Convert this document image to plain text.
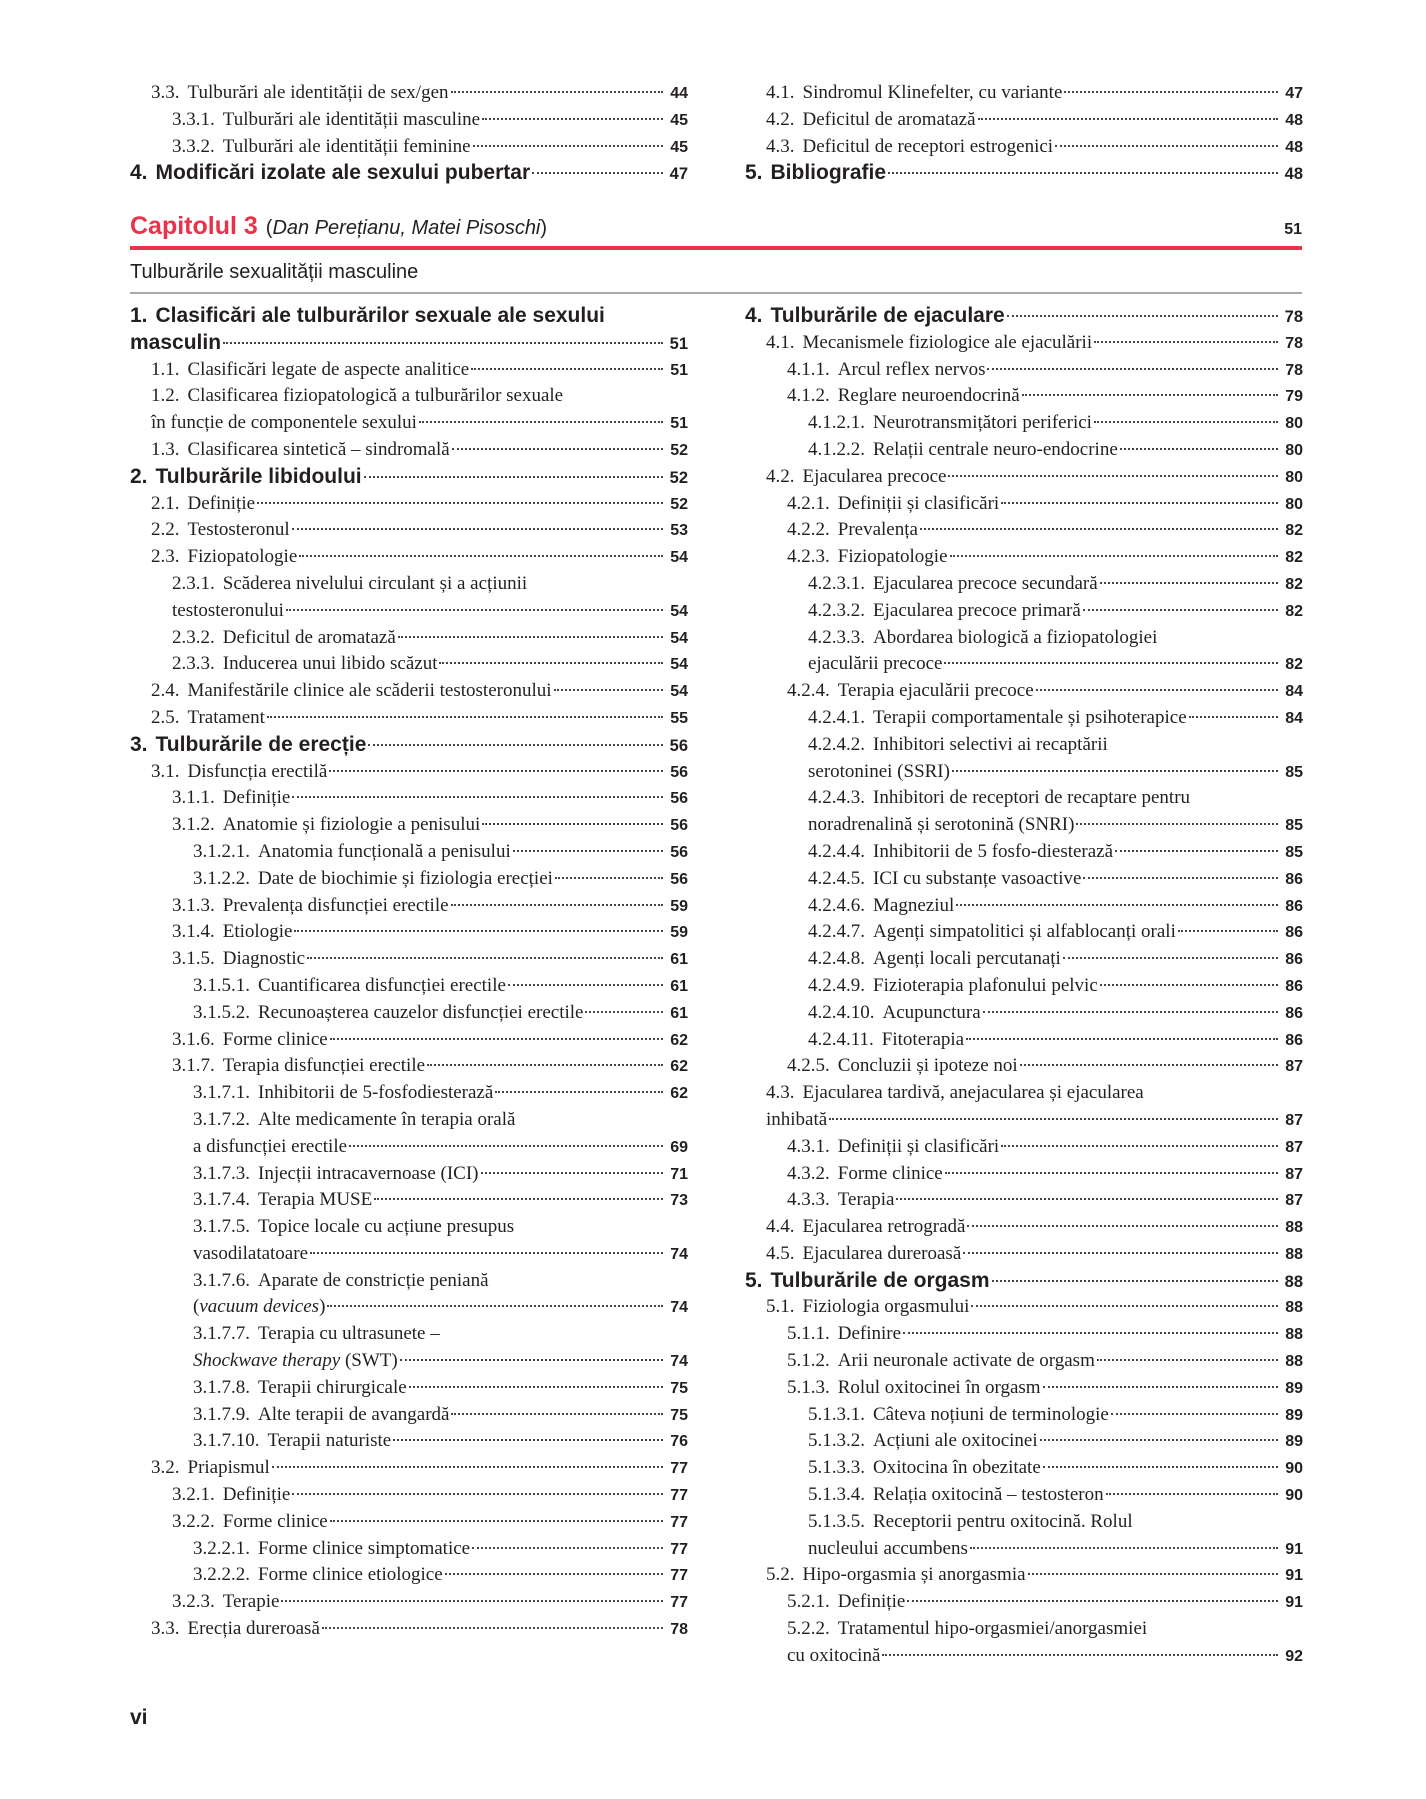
3.3. Tulburări ale identității de sex/gen	44
3.3.1. Tulburări ale identității masculine	45
3.3.2. Tulburări ale identității feminine	45
4. Modificări izolate ale sexului pubertar	47
4.1. Sindromul Klinefelter, cu variante	47
4.2. Deficitul de aromatază	48
4.3. Deficitul de receptori estrogenici	48
5. Bibliografie	48
Capitolul 3 (Dan Perețianu, Matei Pisoschi)	51
Tulburările sexualității masculine
1. Clasificări ale tulburărilor sexuale ale sexului
masculin	51
1.1. Clasificări legate de aspecte analitice	51
1.2. Clasificarea fiziopatologică a tulburărilor sexuale
în funcție de componentele sexului	51
1.3. Clasificarea sintetică – sindromală	52
2. Tulburările libidoului	52
2.1. Definiție	52
2.2. Testosteronul	53
2.3. Fiziopatologie	54
2.3.1. Scăderea nivelului circulant și a acțiunii
testosteronului	54
2.3.2. Deficitul de aromatază	54
2.3.3. Inducerea unui libido scăzut	54
2.4. Manifestările clinice ale scăderii testosteronului	54
2.5. Tratament	55
3. Tulburările de erecție	56
3.1. Disfuncția erectilă	56
3.1.1. Definiție	56
3.1.2. Anatomie și fiziologie a penisului	56
3.1.2.1. Anatomia funcțională a penisului	56
3.1.2.2. Date de biochimie și fiziologia erecției	56
3.1.3. Prevalența disfuncției erectile	59
3.1.4. Etiologie	59
3.1.5. Diagnostic	61
3.1.5.1. Cuantificarea disfuncției erectile	61
3.1.5.2. Recunoașterea cauzelor disfuncției erectile	61
3.1.6. Forme clinice	62
3.1.7. Terapia disfuncției erectile	62
3.1.7.1. Inhibitorii de 5-fosfodiesterază	62
3.1.7.2. Alte medicamente în terapia orală
a disfuncției erectile	69
3.1.7.3. Injecții intracavernoase (ICI)	71
3.1.7.4. Terapia MUSE	73
3.1.7.5. Topice locale cu acțiune presupus
vasodilatatoare	74
3.1.7.6. Aparate de constricție peniană
(vacuum devices)	74
3.1.7.7. Terapia cu ultrasunete –
Shockwave therapy (SWT)	74
3.1.7.8. Terapii chirurgicale	75
3.1.7.9. Alte terapii de avangardă	75
3.1.7.10. Terapii naturiste	76
3.2. Priapismul	77
3.2.1. Definiție	77
3.2.2. Forme clinice	77
3.2.2.1. Forme clinice simptomatice	77
3.2.2.2. Forme clinice etiologice	77
3.2.3. Terapie	77
3.3. Erecția dureroasă	78
4. Tulburările de ejaculare	78
4.1. Mecanismele fiziologice ale ejaculării	78
4.1.1. Arcul reflex nervos	78
4.1.2. Reglare neuroendocrină	79
4.1.2.1. Neurotransmițători periferici	80
4.1.2.2. Relații centrale neuro-endocrine	80
4.2. Ejacularea precoce	80
4.2.1. Definiții și clasificări	80
4.2.2. Prevalența	82
4.2.3. Fiziopatologie	82
4.2.3.1. Ejacularea precoce secundară	82
4.2.3.2. Ejacularea precoce primară	82
4.2.3.3. Abordarea biologică a fiziopatologiei
ejaculării precoce	82
4.2.4. Terapia ejaculării precoce	84
4.2.4.1. Terapii comportamentale și psihoterapice	84
4.2.4.2. Inhibitori selectivi ai recaptării
serotoninei (SSRI)	85
4.2.4.3. Inhibitori de receptori de recaptare pentru
noradrenalină și serotonină (SNRI)	85
4.2.4.4. Inhibitorii de 5 fosfo-diesterază	85
4.2.4.5. ICI cu substanțe vasoactive	86
4.2.4.6. Magneziul	86
4.2.4.7. Agenți simpatolitici și alfablocanți orali	86
4.2.4.8. Agenți locali percutanați	86
4.2.4.9. Fizioterapia plafonului pelvic	86
4.2.4.10. Acupunctura	86
4.2.4.11. Fitoterapia	86
4.2.5. Concluzii și ipoteze noi	87
4.3. Ejacularea tardivă, anejacularea și ejacularea
inhibată	87
4.3.1. Definiții și clasificări	87
4.3.2. Forme clinice	87
4.3.3. Terapia	87
4.4. Ejacularea retrogradă	88
4.5. Ejacularea dureroasă	88
5. Tulburările de orgasm	88
5.1. Fiziologia orgasmului	88
5.1.1. Definire	88
5.1.2. Arii neuronale activate de orgasm	88
5.1.3. Rolul oxitocinei în orgasm	89
5.1.3.1. Câteva noțiuni de terminologie	89
5.1.3.2. Acțiuni ale oxitocinei	89
5.1.3.3. Oxitocina în obezitate	90
5.1.3.4. Relația oxitocină – testosteron	90
5.1.3.5. Receptorii pentru oxitocină. Rolul
nucleului accumbens	91
5.2. Hipo-orgasmia și anorgasmia	91
5.2.1. Definiție	91
5.2.2. Tratamentul hipo-orgasmiei/anorgasmiei
cu oxitocină	92
vi
